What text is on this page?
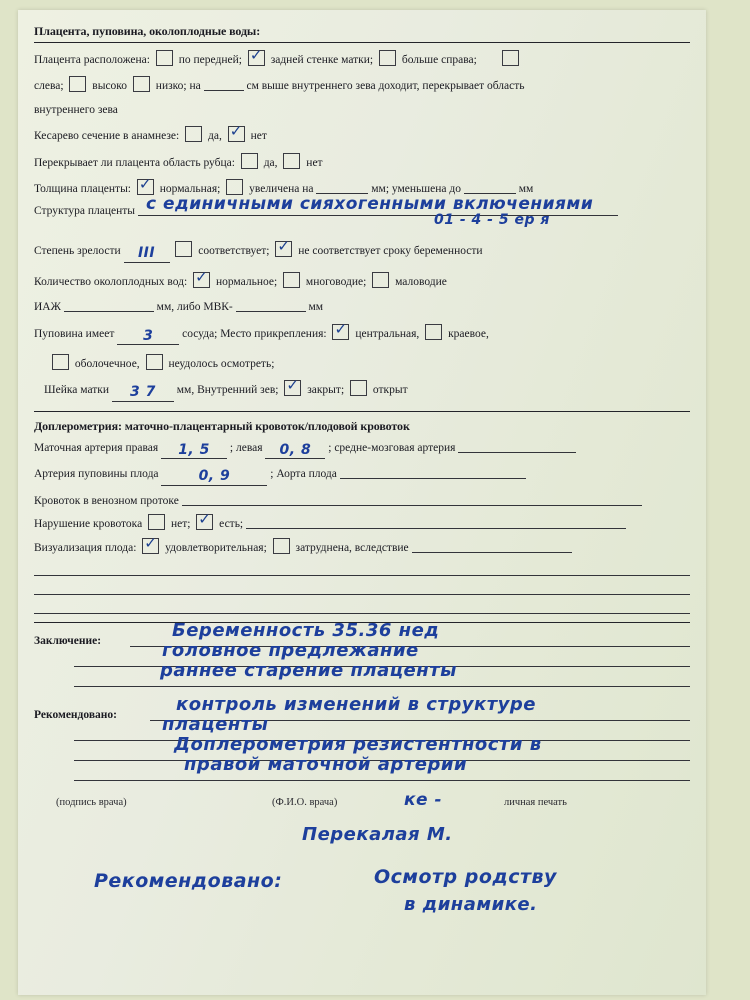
Плацента, пуповина, околоплодные воды:
Плацента расположена:	по передней; ✓	задней стенке матки;	больше справа;
слева;	высоко	низко; на	см выше внутреннего зева доходит, перекрывает область
внутреннего зева
Кесарево сечение в анамнезе:	да, ✓	нет
Перекрывает ли плацента область рубца:	да,	нет
Толщина плаценты: ✓	нормальная;	увеличена на	мм; уменьшена до	мм
Структура плаценты с единичными сияхогенными включениями
01 - 4 - 5 ер я
Степень зрелости III	соответствует; ✓	не соответствует сроку беременности
Количество околоплодных вод: ✓	нормальное;	многоводие;	маловодие
ИАЖ	мм, либо МВК-	мм
Пуповина имеет 3	сосуда; Место прикрепления: ✓	центральная,	краевое,
оболочечное,	неудолось осмотреть;
Шейка матки 3 7 мм, Внутренний зев; ✓	закрыт;	открыт
Доплерометрия: маточно-плацентарный кровоток/плодовой кровоток
Маточная артерия правая 1, 5 ; левая 0, 8 ; средне-мозговая артерия
Артерия пуповины плода	0, 9	; Аорта плода
Кровоток в венозном протоке
Нарушение кровотока	нет; ✓	есть;
Визуализация плода: ✓	удовлетворительная;	затруднена, вследствие
Заключение:	Беременность 35.36 нед
головное предлежание
раннее старение плаценты
Рекомендовано:	контроль изменений в структуре
плаценты
Доплерометрия резистентности в
правой маточной артерии
(подпись врача)	(Ф.И.О. врача)	личная печать
ке -
Перекалая М.
Рекомендовано:	Осмотр родству
в динамике.
